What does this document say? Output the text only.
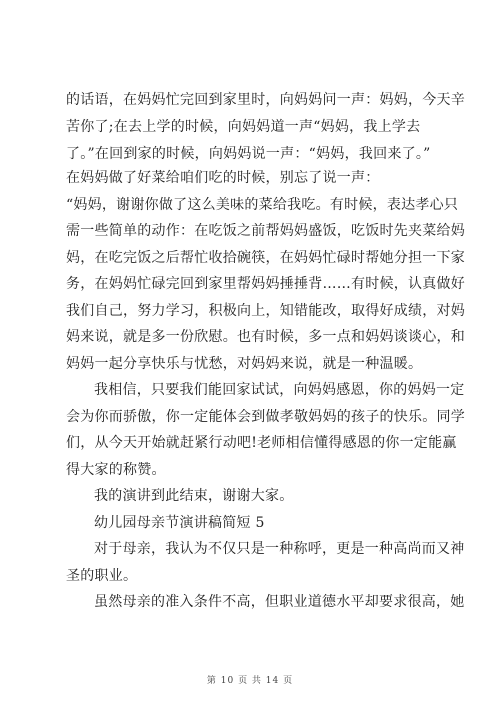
的话语，在妈妈忙完回到家里时，向妈妈问一声：妈妈，今天辛
苦你了;在去上学的时候，向妈妈道一声“妈妈，我上学去
了。”在回到家的时候，向妈妈说一声：“妈妈，我回来了。”
在妈妈做了好菜给咱们吃的时候，别忘了说一声：
“妈妈，谢谢你做了这么美味的菜给我吃。有时候，表达孝心只
需一些简单的动作：在吃饭之前帮妈妈盛饭，吃饭时先夹菜给妈
妈，在吃完饭之后帮忙收拾碗筷，在妈妈忙碌时帮她分担一下家
务，在妈妈忙碌完回到家里帮妈妈捶捶背……有时候，认真做好
我们自己，努力学习，积极向上，知错能改，取得好成绩，对妈
妈来说，就是多一份欣慰。也有时候，多一点和妈妈谈谈心，和
妈妈一起分享快乐与忧愁，对妈妈来说，就是一种温暖。
我相信，只要我们能回家试试，向妈妈感恩，你的妈妈一定
会为你而骄傲，你一定能体会到做孝敬妈妈的孩子的快乐。同学
们，从今天开始就赶紧行动吧!老师相信懂得感恩的你一定能赢
得大家的称赞。
我的演讲到此结束，谢谢大家。
幼儿园母亲节演讲稿简短 5
对于母亲，我认为不仅只是一种称呼，更是一种高尚而又神
圣的职业。
虽然母亲的准入条件不高，但职业道德水平却要求很高，她
第 10 页 共 14 页
